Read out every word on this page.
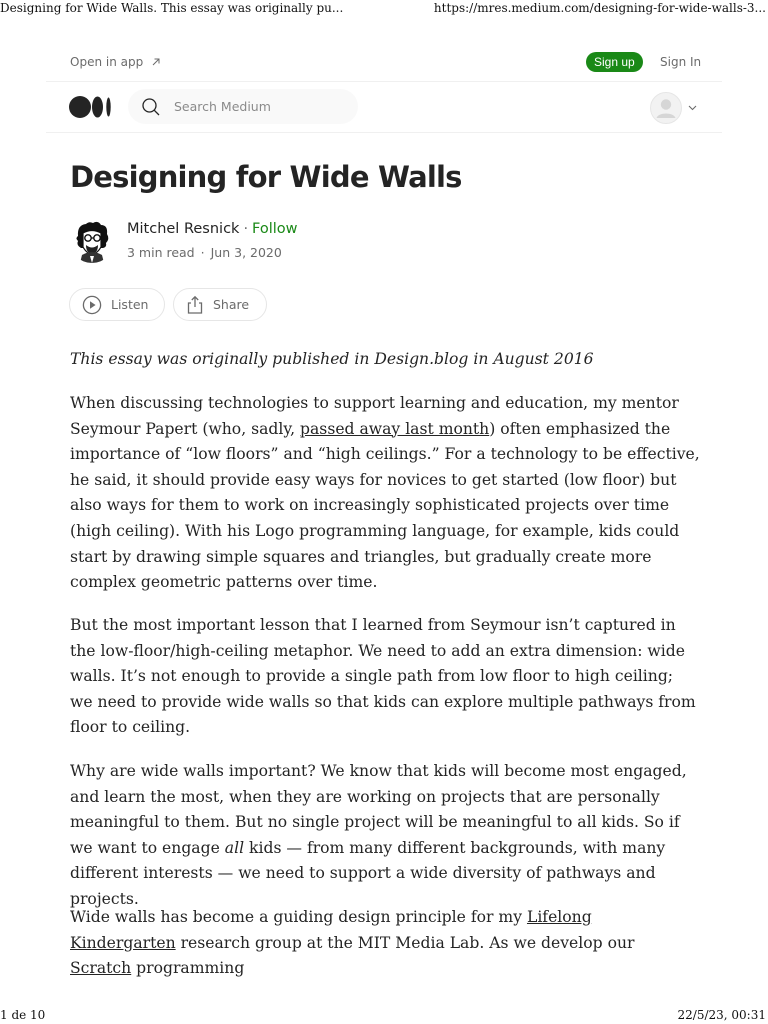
Designing for Wide Walls. This essay was originally pu...	https://mres.medium.com/designing-for-wide-walls-3...
Open in app	Sign up	Sign In
Search Medium
Designing for Wide Walls
Mitchel Resnick · Follow
3 min read · Jun 3, 2020
Listen	Share

This essay was originally published in Design.blog in August 2016

When discussing technologies to support learning and education, my mentor Seymour Papert (who, sadly, passed away last month) often emphasized the importance of “low floors” and “high ceilings.” For a technology to be effective, he said, it should provide easy ways for novices to get started (low floor) but also ways for them to work on increasingly sophisticated projects over time (high ceiling). With his Logo programming language, for example, kids could start by drawing simple squares and triangles, but gradually create more complex geometric patterns over time.

But the most important lesson that I learned from Seymour isn’t captured in the low-floor/high-ceiling metaphor. We need to add an extra dimension: wide walls. It’s not enough to provide a single path from low floor to high ceiling; we need to provide wide walls so that kids can explore multiple pathways from floor to ceiling.

Why are wide walls important? We know that kids will become most engaged, and learn the most, when they are working on projects that are personally meaningful to them. But no single project will be meaningful to all kids. So if we want to engage all kids — from many different backgrounds, with many different interests — we need to support a wide diversity of pathways and projects.

Wide walls has become a guiding design principle for my Lifelong Kindergarten research group at the MIT Media Lab. As we develop our Scratch programming

1 de 10	22/5/23, 00:31
